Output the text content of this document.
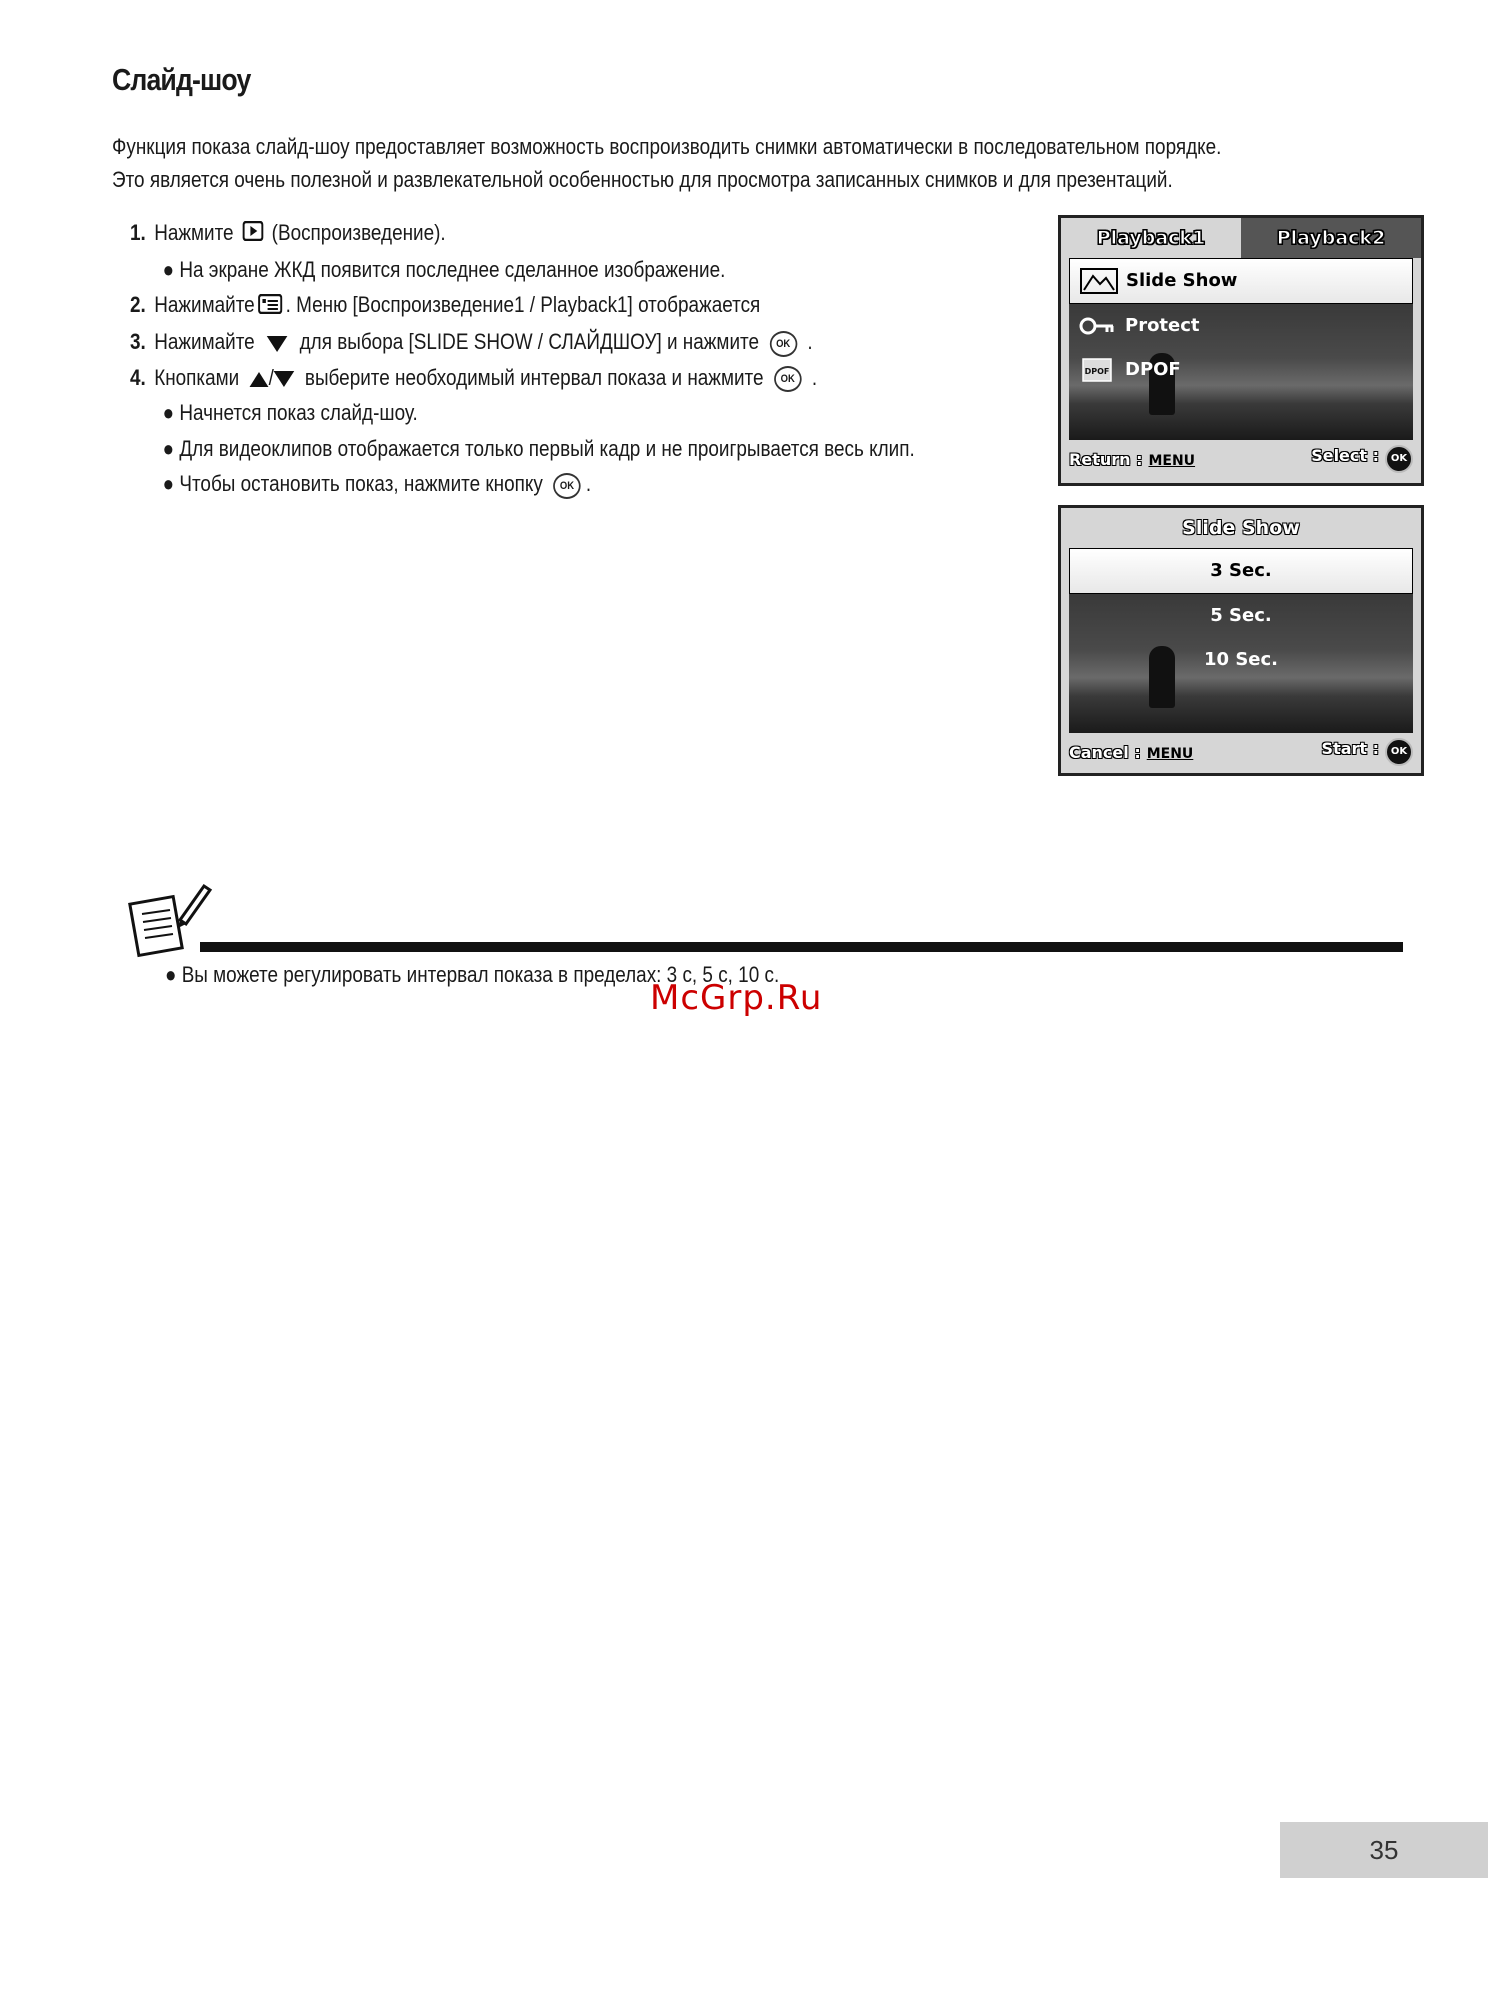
Слайд-шоу
Функция показа слайд-шоу предоставляет возможность воспроизводить снимки автоматически в последовательном порядке.
Это является очень полезной и развлекательной особенностью для просмотра записанных снимков и для презентаций.
1. Нажмите (Воспроизведение).
● На экране ЖКД появится последнее сделанное изображение.
2. Нажимайте . Меню [Воспроизведение1 / Playback1] отображается
3. Нажимайте для выбора [SLIDE SHOW / СЛАЙДШОУ] и нажмите OK .
4. Кнопками / выберите необходимый интервал показа и нажмите OK .
● Начнется показ слайд-шоу.
● Для видеоклипов отображается только первый кадр и не проигрывается весь клип.
● Чтобы остановить показ, нажмите кнопку OK .
Playback1	Playback2
Slide Show
Protect
DPOF DPOF
Return : MENU	Select : OK
Slide Show
3 Sec.
5 Sec.
10 Sec.
Cancel : MENU	Start : OK
● Вы можете регулировать интервал показа в пределах: 3 с, 5 с, 10 с.
McGrp.Ru
35
